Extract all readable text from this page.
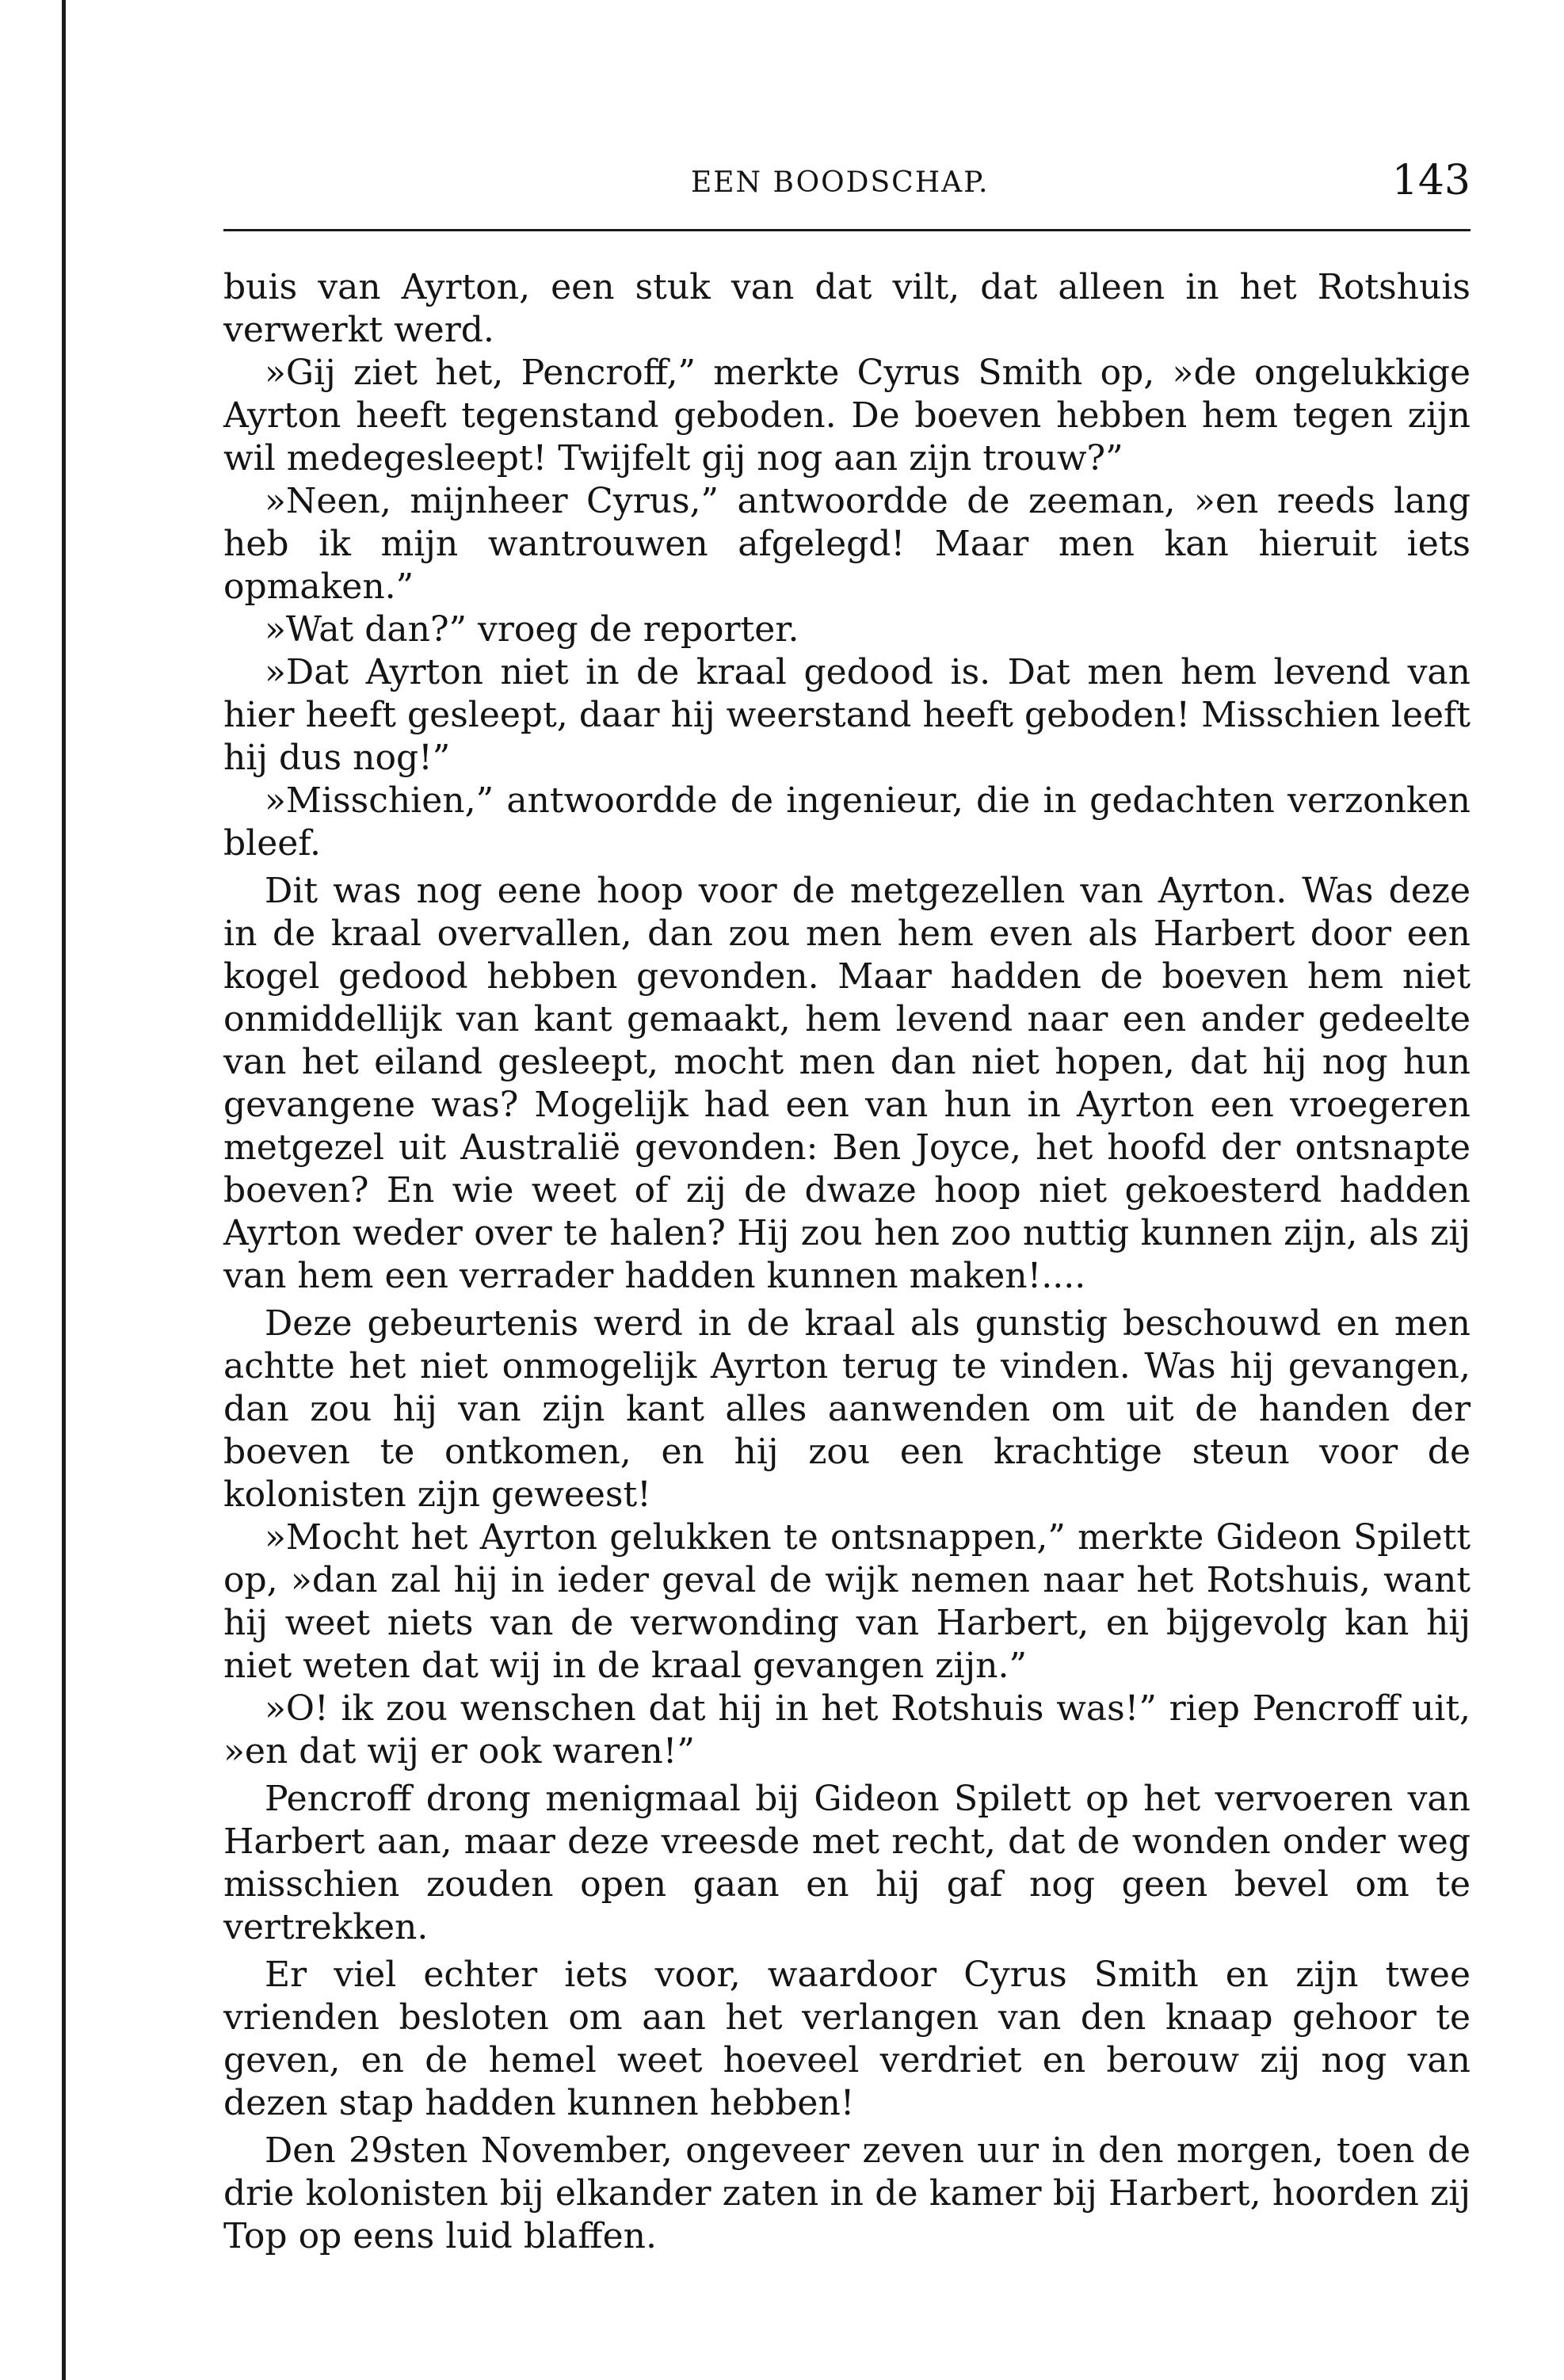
EEN BOODSCHAP.	143

buis van Ayrton, een stuk van dat vilt, dat alleen in het Rotshuis verwerkt werd.

»Gij ziet het, Pencroff,” merkte Cyrus Smith op, »de ongelukkige Ayrton heeft tegenstand geboden. De boeven hebben hem tegen zijn wil medegesleept! Twijfelt gij nog aan zijn trouw?”

»Neen, mijnheer Cyrus,” antwoordde de zeeman, »en reeds lang heb ik mijn wantrouwen afgelegd! Maar men kan hieruit iets opmaken.”

»Wat dan?” vroeg de reporter.

»Dat Ayrton niet in de kraal gedood is. Dat men hem levend van hier heeft gesleept, daar hij weerstand heeft geboden! Misschien leeft hij dus nog!”

»Misschien,” antwoordde de ingenieur, die in gedachten verzonken bleef.

Dit was nog eene hoop voor de metgezellen van Ayrton. Was deze in de kraal overvallen, dan zou men hem even als Harbert door een kogel gedood hebben gevonden. Maar hadden de boeven hem niet onmiddellijk van kant gemaakt, hem levend naar een ander gedeelte van het eiland gesleept, mocht men dan niet hopen, dat hij nog hun gevangene was? Mogelijk had een van hun in Ayrton een vroegeren metgezel uit Australië gevonden: Ben Joyce, het hoofd der ontsnapte boeven? En wie weet of zij de dwaze hoop niet gekoesterd hadden Ayrton weder over te halen? Hij zou hen zoo nuttig kunnen zijn, als zij van hem een verrader hadden kunnen maken!....

Deze gebeurtenis werd in de kraal als gunstig beschouwd en men achtte het niet onmogelijk Ayrton terug te vinden. Was hij gevangen, dan zou hij van zijn kant alles aanwenden om uit de handen der boeven te ontkomen, en hij zou een krachtige steun voor de kolonisten zijn geweest!

»Mocht het Ayrton gelukken te ontsnappen,” merkte Gideon Spilett op, »dan zal hij in ieder geval de wijk nemen naar het Rotshuis, want hij weet niets van de verwonding van Harbert, en bijgevolg kan hij niet weten dat wij in de kraal gevangen zijn.”

»O! ik zou wenschen dat hij in het Rotshuis was!” riep Pencroff uit, »en dat wij er ook waren!”

Pencroff drong menigmaal bij Gideon Spilett op het vervoeren van Harbert aan, maar deze vreesde met recht, dat de wonden onder weg misschien zouden open gaan en hij gaf nog geen bevel om te vertrekken.

Er viel echter iets voor, waardoor Cyrus Smith en zijn twee vrienden besloten om aan het verlangen van den knaap gehoor te geven, en de hemel weet hoeveel verdriet en berouw zij nog van dezen stap hadden kunnen hebben!

Den 29sten November, ongeveer zeven uur in den morgen, toen de drie kolonisten bij elkander zaten in de kamer bij Harbert, hoorden zij Top op eens luid blaffen.
